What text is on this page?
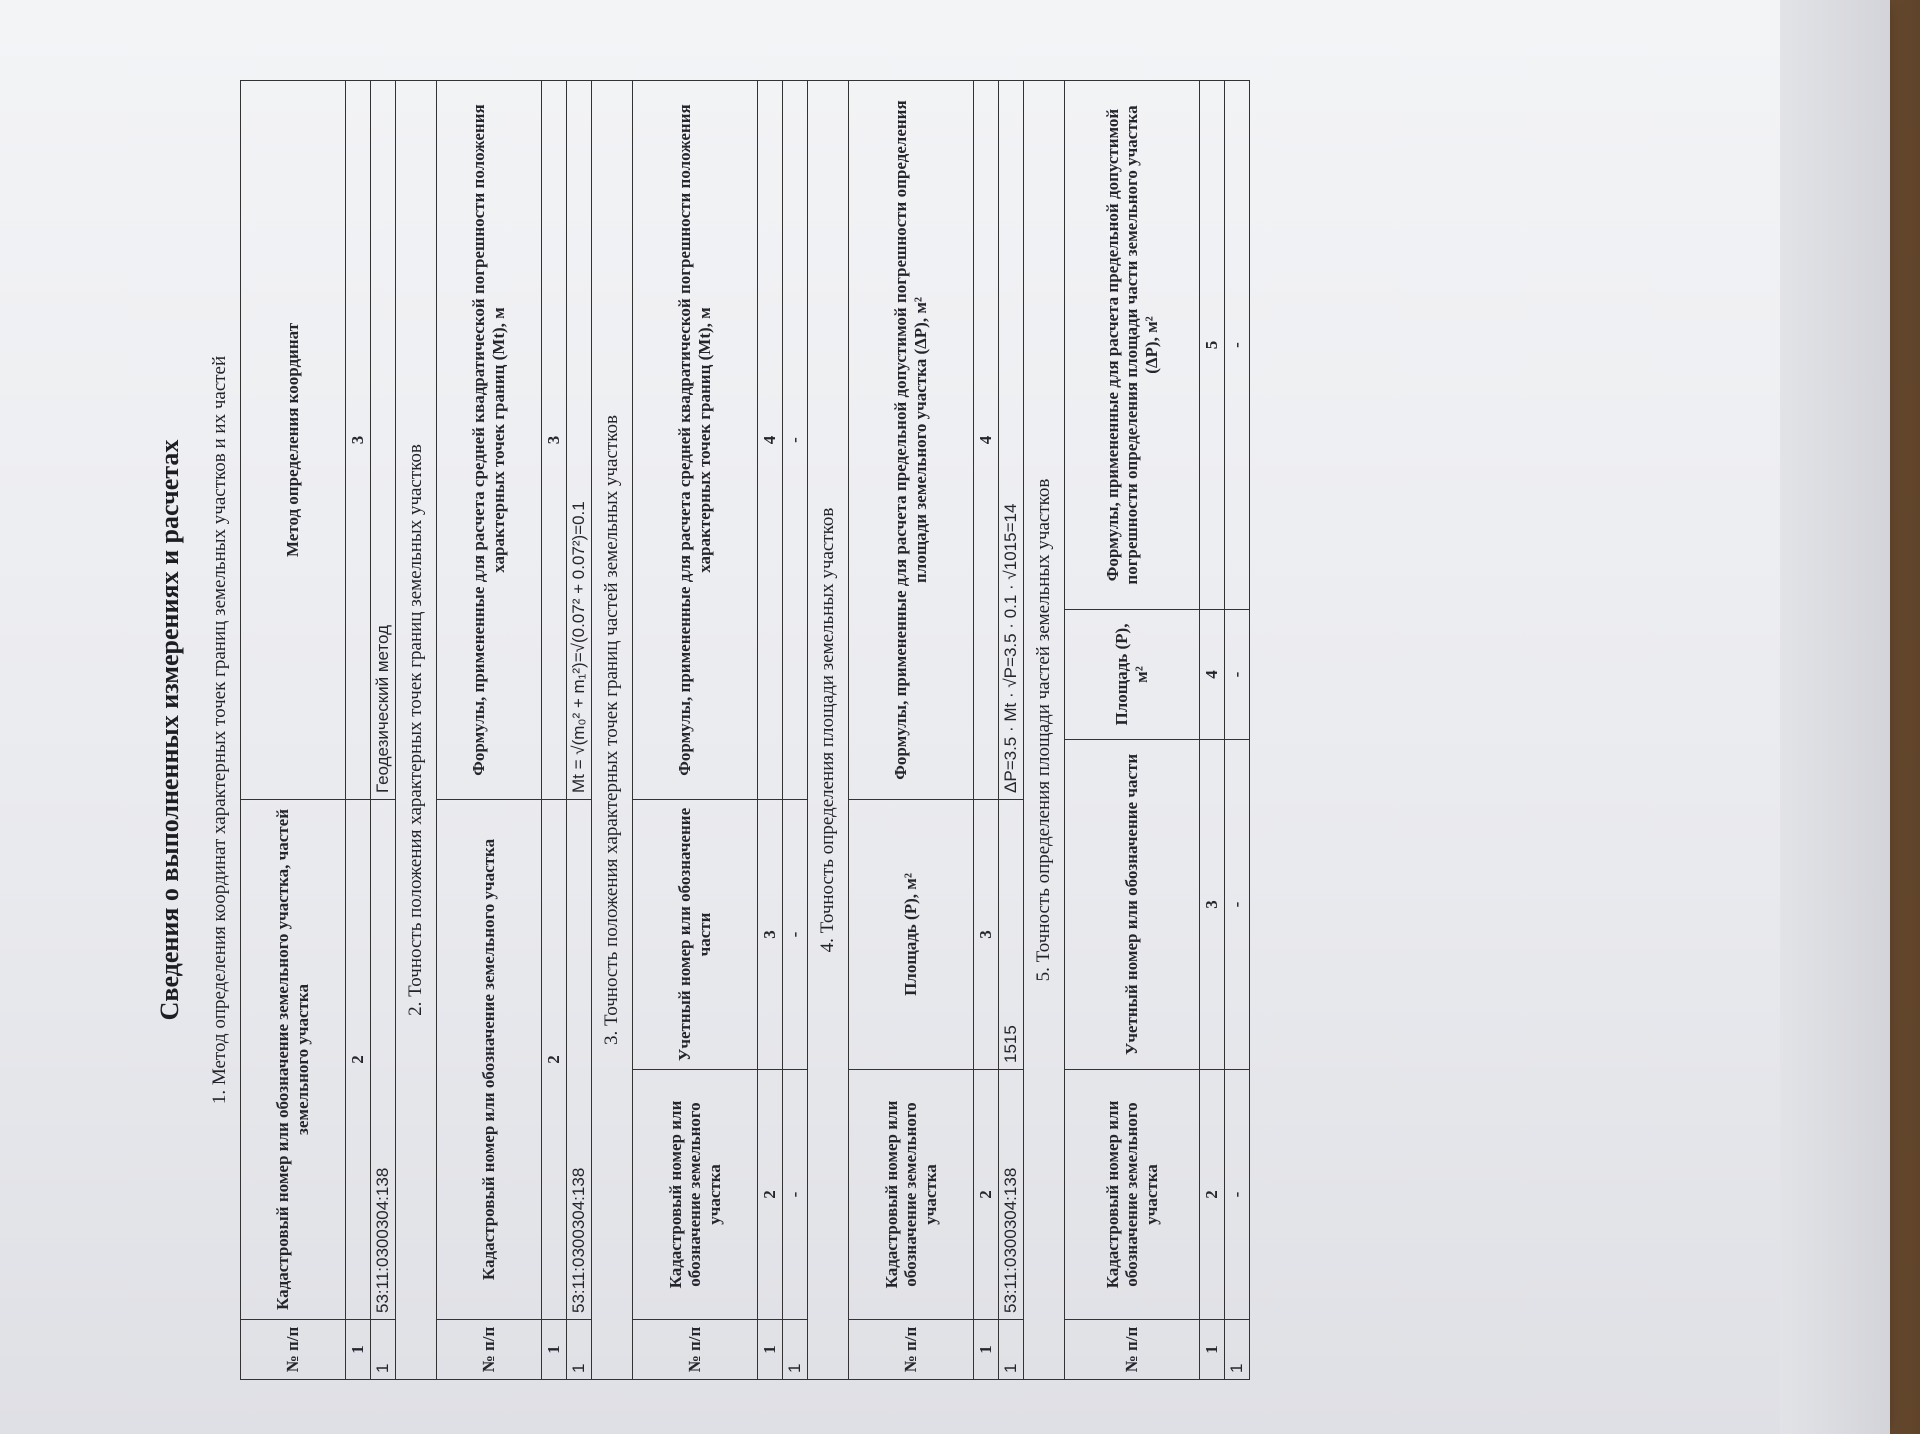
Сведения о выполненных измерениях и расчетах	1. Метод определения координат характерных точек границ земельных участков и их частей
№ п/п	Кадастровый номер или обозначение земельного участка, частей земельного участка	Метод определения координат
1	2	3
1	53:11:0300304:138	Геодезический метод 2. Точность положения характерных точек границ земельных участков
№ п/п	Кадастровый номер или обозначение земельного участка	Формулы, примененные для расчета средней квадратической погрешности положения характерных точек границ (Mt), м
1	2	3
1	53:11:0300304:138	Mt = √(m₀² + m₁²)=√(0.07² + 0.07²)=0.1 3. Точность положения характерных точек границ частей земельных участков
№ п/п	Кадастровый номер или обозначение земельного участка	Учетный номер или обозначение части	Формулы, примененные для расчета средней квадратической погрешности положения характерных точек границ (Mt), м
1	2	3	4
1	-	-	-
4. Точность определения площади земельных участков
№ п/п	Кадастровый номер или обозначение земельного участка	Площадь (P), м²	Формулы, примененные для расчета предельной допустимой погрешности определения площади земельного участка (ΔP), м²
1	2	3	4
1	53:11:0300304:138	1515	ΔP=3.5 · Mt · √P=3.5 · 0.1 · √1015=14 5. Точность определения площади частей земельных участков
№ п/п	Кадастровый номер или обозначение земельного участка	Учетный номер или обозначение части	Площадь (P), м²	Формулы, примененные для расчета предельной допустимой погрешности определения площади части земельного участка (ΔP), м²
1	2	3	4	5
1	-	-	-	-
